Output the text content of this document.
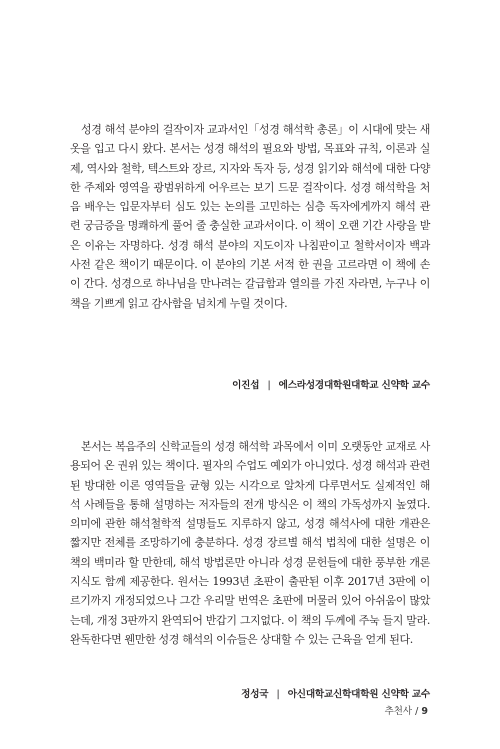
성경 해석 분야의 걸작이자 교과서인「성경 해석학 총론」이 시대에 맞는 새 옷을 입고 다시 왔다. 본서는 성경 해석의 필요와 방법, 목표와 규칙, 이론과 실제, 역사와 철학, 텍스트와 장르, 지자와 독자 등, 성경 읽기와 해석에 대한 다양한 주제와 영역을 광범위하게 어우르는 보기 드문 걸작이다. 성경 해석학을 처음 배우는 입문자부터 심도 있는 논의를 고민하는 심층 독자에게까지 해석 관련 궁금증을 명쾌하게 풀어 줄 충실한 교과서이다. 이 책이 오랜 기간 사랑을 받은 이유는 자명하다. 성경 해석 분야의 지도이자 나침판이고 철학서이자 백과사전 같은 책이기 때문이다. 이 분야의 기본 서적 한 권을 고르라면 이 책에 손이 간다. 성경으로 하나님을 만나려는 갈급함과 열의를 가진 자라면, 누구나 이 책을 기쁘게 읽고 감사함을 넘치게 누릴 것이다.

이진섭 | 에스라성경대학원대학교 신약학 교수

본서는 복음주의 신학교들의 성경 해석학 과목에서 이미 오랫동안 교재로 사용되어 온 권위 있는 책이다. 필자의 수업도 예외가 아니었다. 성경 해석과 관련된 방대한 이론 영역들을 균형 있는 시각으로 알차게 다루면서도 실제적인 해석 사례들을 통해 설명하는 저자들의 전개 방식은 이 책의 가독성까지 높였다. 의미에 관한 해석철학적 설명들도 지루하지 않고, 성경 해석사에 대한 개관은 짧지만 전체를 조망하기에 충분하다. 성경 장르별 해석 법칙에 대한 설명은 이 책의 백미라 할 만한데, 해석 방법론만 아니라 성경 문헌들에 대한 풍부한 개론 지식도 함께 제공한다. 원서는 1993년 초판이 출판된 이후 2017년 3판에 이르기까지 개정되었으나 그간 우리말 번역은 초판에 머물러 있어 아쉬움이 많았는데, 개정 3판까지 완역되어 반갑기 그지없다. 이 책의 두께에 주눅 들지 말라. 완독한다면 웬만한 성경 해석의 이슈들은 상대할 수 있는 근육을 얻게 된다.

정성국 | 아신대학교신학대학원 신약학 교수
추천사 / 9
